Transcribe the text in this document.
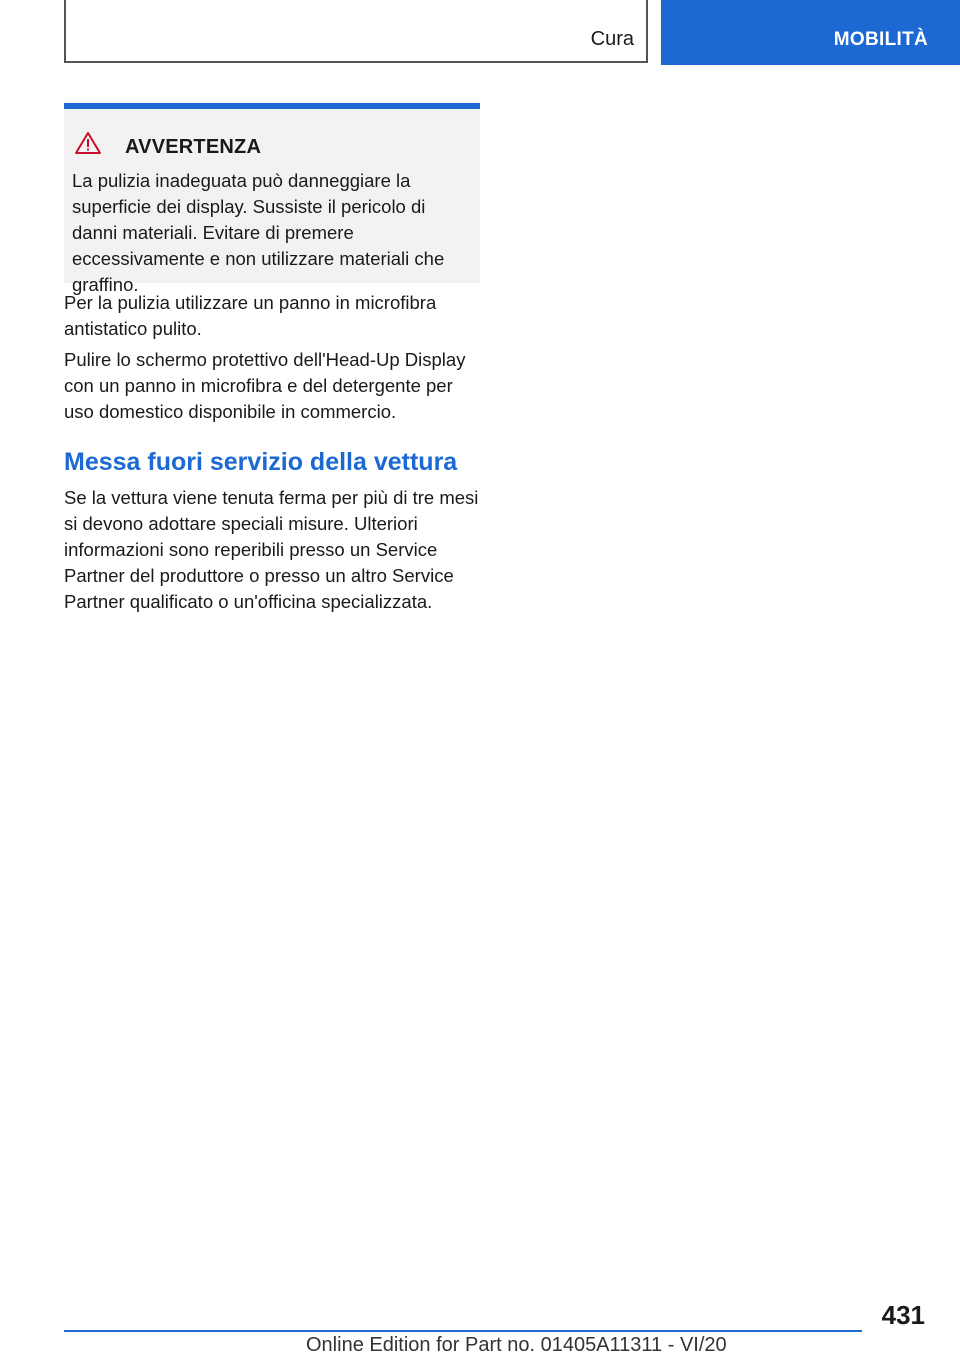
Cura	MOBILITÀ
AVVERTENZA
La pulizia inadeguata può danneggiare la superficie dei display. Sussiste il pericolo di danni materiali. Evitare di premere eccessivamente e non utilizzare materiali che graffino.

Per la pulizia utilizzare un panno in microfibra antistatico pulito.

Pulire lo schermo protettivo dell'Head-Up Display con un panno in microfibra e del detergente per uso domestico disponibile in commercio.

Messa fuori servizio della vettura

Se la vettura viene tenuta ferma per più di tre mesi si devono adottare speciali misure. Ulteriori informazioni sono reperibili presso un Service Partner del produttore o presso un altro Service Partner qualificato o un'officina specializzata.

431
Online Edition for Part no. 01405A11311 - VI/20
